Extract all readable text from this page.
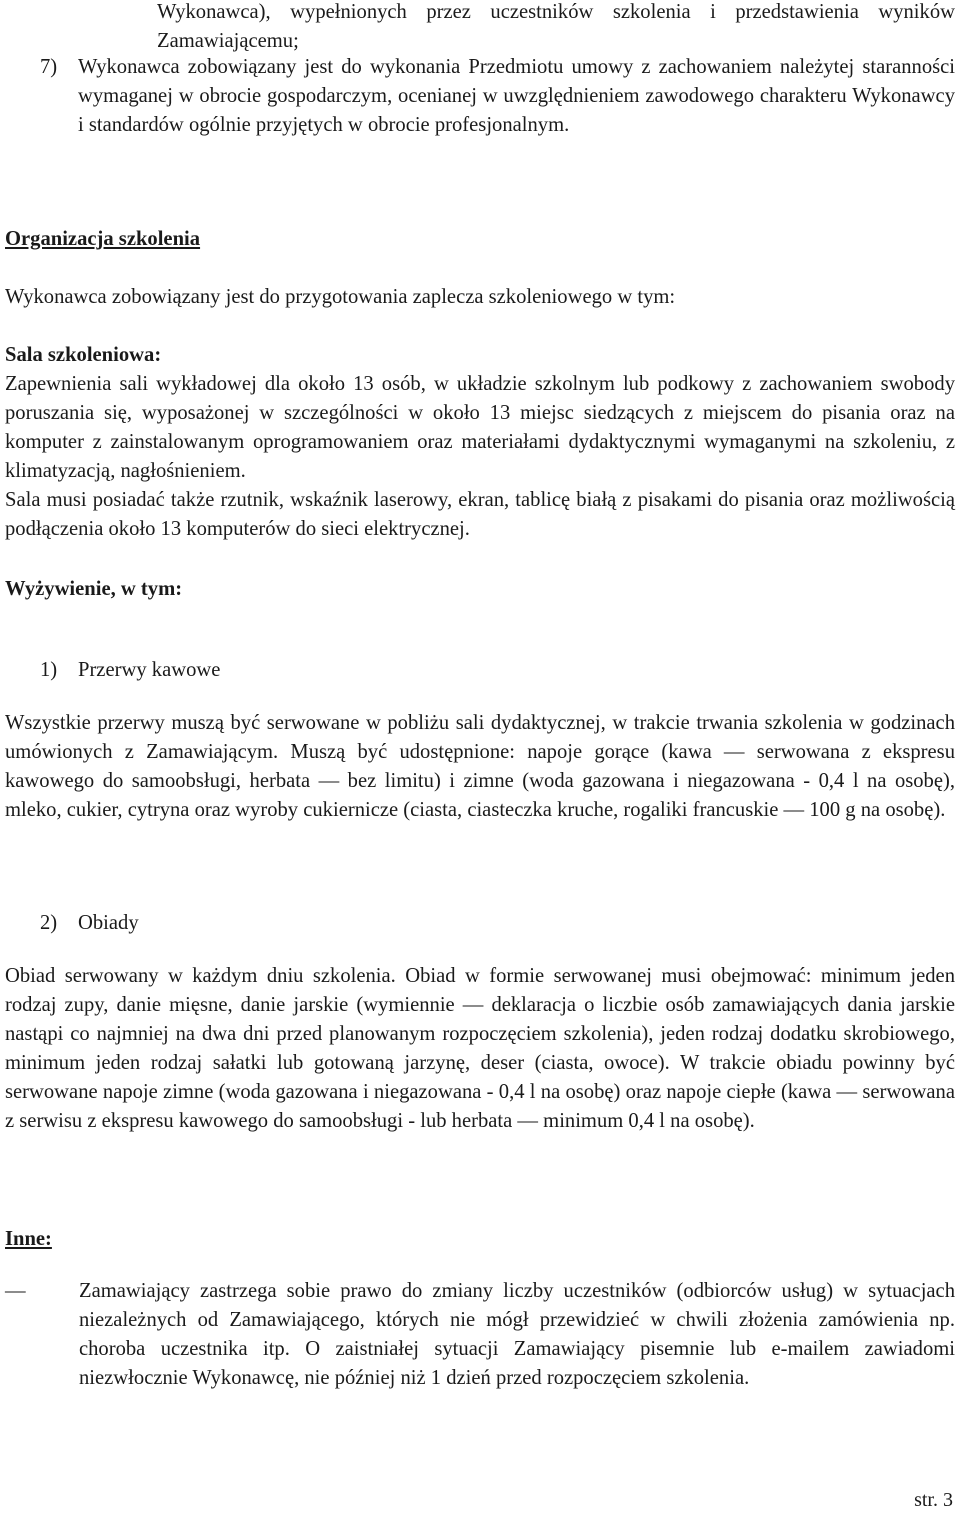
Wykonawca), wypełnionych przez uczestników szkolenia i przedstawienia wyników Zamawiającemu;

7)	Wykonawca zobowiązany jest do wykonania Przedmiotu umowy z zachowaniem należytej staranności wymaganej w obrocie gospodarczym, ocenianej w uwzględnieniem zawodowego charakteru Wykonawcy i standardów ogólnie przyjętych w obrocie profesjonalnym.

Organizacja szkolenia

Wykonawca zobowiązany jest do przygotowania zaplecza szkoleniowego w tym:

Sala szkoleniowa:

Zapewnienia sali wykładowej dla około 13 osób, w układzie szkolnym lub podkowy z zachowaniem swobody poruszania się, wyposażonej w szczególności w około 13 miejsc siedzących z miejscem do pisania oraz na komputer z zainstalowanym oprogramowaniem oraz materiałami dydaktycznymi wymaganymi na szkoleniu, z klimatyzacją, nagłośnieniem.

Sala musi posiadać także rzutnik, wskaźnik laserowy, ekran, tablicę białą z pisakami do pisania oraz możliwością podłączenia około 13 komputerów do sieci elektrycznej.

Wyżywienie, w tym:

1) Przerwy kawowe

Wszystkie przerwy muszą być serwowane w pobliżu sali dydaktycznej, w trakcie trwania szkolenia w godzinach umówionych z Zamawiającym. Muszą być udostępnione: napoje gorące (kawa — serwowana z ekspresu kawowego do samoobsługi, herbata — bez limitu) i zimne (woda gazowana i niegazowana - 0,4 l na osobę), mleko, cukier, cytryna oraz wyroby cukiernicze (ciasta, ciasteczka kruche, rogaliki francuskie — 100 g na osobę).

2) Obiady

Obiad serwowany w każdym dniu szkolenia. Obiad w formie serwowanej musi obejmować: minimum jeden rodzaj zupy, danie mięsne, danie jarskie (wymiennie — deklaracja o liczbie osób zamawiających dania jarskie nastąpi co najmniej na dwa dni przed planowanym rozpoczęciem szkolenia), jeden rodzaj dodatku skrobiowego, minimum jeden rodzaj sałatki lub gotowaną jarzynę, deser (ciasta, owoce). W trakcie obiadu powinny być serwowane napoje zimne (woda gazowana i niegazowana - 0,4 l na osobę) oraz napoje ciepłe (kawa — serwowana z serwisu z ekspresu kawowego do samoobsługi - lub herbata — minimum 0,4 l na osobę).

Inne:

—	Zamawiający zastrzega sobie prawo do zmiany liczby uczestników (odbiorców usług) w sytuacjach niezależnych od Zamawiającego, których nie mógł przewidzieć w chwili złożenia zamówienia np. choroba uczestnika itp. O zaistniałej sytuacji Zamawiający pisemnie lub e-mailem zawiadomi niezwłocznie Wykonawcę, nie później niż 1 dzień przed rozpoczęciem szkolenia.

str. 3
